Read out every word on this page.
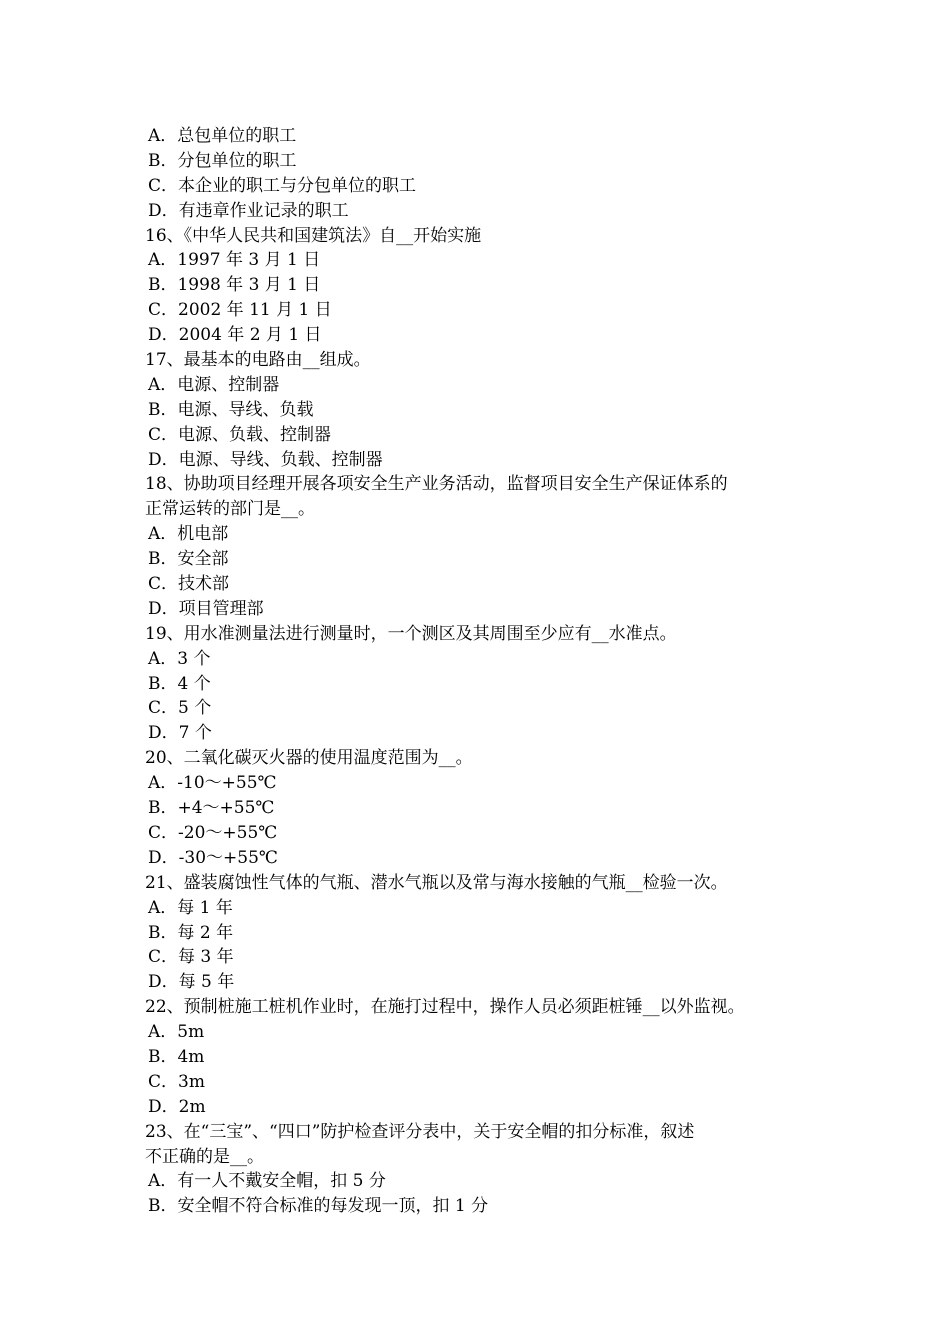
A．总包单位的职工
B．分包单位的职工
C．本企业的职工与分包单位的职工
D．有违章作业记录的职工
16、《中华人民共和国建筑法》自__开始实施
A．1997 年 3 月 1 日
B．1998 年 3 月 1 日
C．2002 年 11 月 1 日
D．2004 年 2 月 1 日
17、最基本的电路由__组成。
A．电源、控制器
B．电源、导线、负载
C．电源、负载、控制器
D．电源、导线、负载、控制器
18、协助项目经理开展各项安全生产业务活动，监督项目安全生产保证体系的
正常运转的部门是__。
A．机电部
B．安全部
C．技术部
D．项目管理部
19、用水准测量法进行测量时，一个测区及其周围至少应有__水准点。
A．3 个
B．4 个
C．5 个
D．7 个
20、二氧化碳灭火器的使用温度范围为__。
A．-10～+55℃
B．+4～+55℃
C．-20～+55℃
D．-30～+55℃
21、盛装腐蚀性气体的气瓶、潜水气瓶以及常与海水接触的气瓶__检验一次。
A．每 1 年
B．每 2 年
C．每 3 年
D．每 5 年
22、预制桩施工桩机作业时，在施打过程中，操作人员必须距桩锤__以外监视。
A．5m
B．4m
C．3m
D．2m
23、在“三宝”、“四口”防护检查评分表中，关于安全帽的扣分标准，叙述
不正确的是__。
A．有一人不戴安全帽，扣 5 分
B．安全帽不符合标准的每发现一顶，扣 1 分
